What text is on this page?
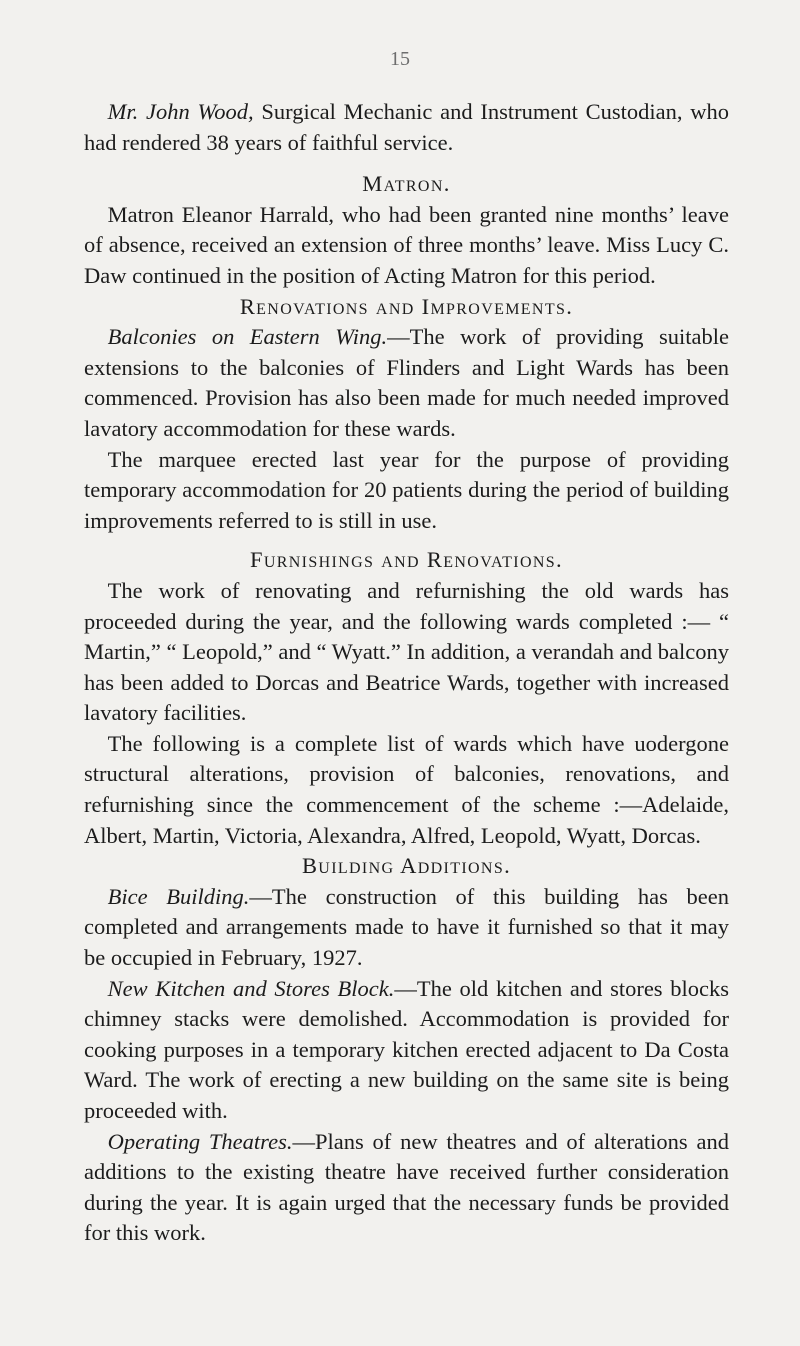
15

Mr. John Wood, Surgical Mechanic and Instrument Custodian, who had rendered 38 years of faithful service.

Matron.

Matron Eleanor Harrald, who had been granted nine months’ leave of absence, received an extension of three months’ leave. Miss Lucy C. Daw continued in the position of Acting Matron for this period.

Renovations and Improvements.

Balconies on Eastern Wing.—The work of providing suitable extensions to the balconies of Flinders and Light Wards has been commenced. Provision has also been made for much needed improved lavatory accommodation for these wards.

The marquee erected last year for the purpose of providing temporary accommodation for 20 patients during the period of building improvements referred to is still in use.

Furnishings and Renovations.

The work of renovating and refurnishing the old wards has proceeded during the year, and the following wards completed :— “ Martin,” “ Leopold,” and “ Wyatt.” In addition, a verandah and balcony has been added to Dorcas and Beatrice Wards, together with increased lavatory facilities.

The following is a complete list of wards which have uodergone structural alterations, provision of balconies, renovations, and refurnishing since the commencement of the scheme :—Adelaide, Albert, Martin, Victoria, Alexandra, Alfred, Leopold, Wyatt, Dorcas.

Building Additions.

Bice Building.—The construction of this building has been completed and arrangements made to have it furnished so that it may be occupied in February, 1927.

New Kitchen and Stores Block.—The old kitchen and stores blocks chimney stacks were demolished. Accommodation is provided for cooking purposes in a temporary kitchen erected adjacent to Da Costa Ward. The work of erecting a new building on the same site is being proceeded with.

Operating Theatres.—Plans of new theatres and of alterations and additions to the existing theatre have received further consideration during the year. It is again urged that the necessary funds be provided for this work.
